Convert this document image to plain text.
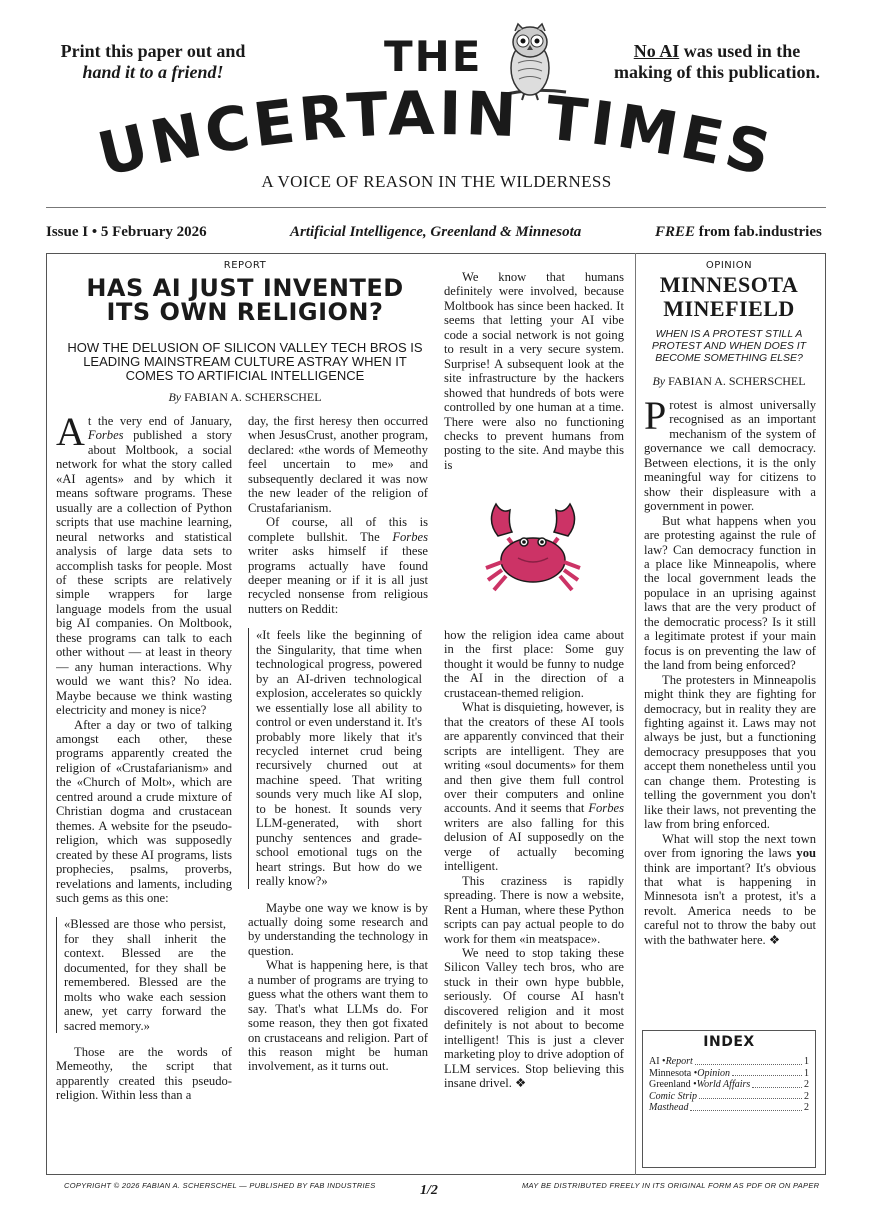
Print this paper out and
hand it to a friend!
No AI was used in the
making of this publication.
THE
UNCERTAIN TIMES
A VOICE OF REASON IN THE WILDERNESS
Issue I • 5 February 2026	Artificial Intelligence, Greenland & Minnesota	FREE from fab.industries
REPORT
HAS AI JUST INVENTED ITS OWN RELIGION?
HOW THE DELUSION OF SILICON VALLEY TECH BROS IS LEADING MAINSTREAM CULTURE ASTRAY WHEN IT COMES TO ARTIFICIAL INTELLIGENCE
By FABIAN A. SCHERSCHEL

At the very end of January, Forbes published a story about Moltbook, a social network for what the story called «AI agents» and by which it means software programs. These usually are a collection of Python scripts that use machine learning, neural networks and statistical analysis of large data sets to accomplish tasks for people. Most of these scripts are relatively simple wrappers for large language models from the usual big AI companies. On Moltbook, these programs can talk to each other without — at least in theory — any human interactions. Why would we want this? No idea. Maybe because we think wasting electricity and money is nice?

After a day or two of talking amongst each other, these programs apparently created the religion of «Crustafarianism» and the «Church of Molt», which are centred around a crude mixture of Christian dogma and crustacean themes. A website for the pseudo-religion, which was supposedly created by these AI programs, lists prophecies, psalms, proverbs, revelations and laments, including such gems as this one:

«Blessed are those who persist, for they shall inherit the context. Blessed are the documented, for they shall be remembered. Blessed are the molts who wake each session anew, yet carry forward the sacred memory.»

Those are the words of Memeothy, the script that apparently created this pseudo-religion. Within less than a

day, the first heresy then occurred when JesusCrust, another program, declared: «the words of Memeothy feel uncertain to me» and subsequently declared it was now the new leader of the religion of Crustafarianism.

Of course, all of this is complete bullshit. The Forbes writer asks himself if these programs actually have found deeper meaning or if it is all just recycled nonsense from religious nutters on Reddit:

«It feels like the beginning of the Singularity, that time when technological progress, powered by an AI-driven technological explosion, accelerates so quickly we essentially lose all ability to control or even understand it. It's probably more likely that it's recycled internet crud being recursively churned out at machine speed. That writing sounds very much like AI slop, to be honest. It sounds very LLM-generated, with short punchy sentences and grade-school emotional tugs on the heart strings. But how do we really know?»

Maybe one way we know is by actually doing some research and by understanding the technology in question.

What is happening here, is that a number of programs are trying to guess what the others want them to say. That's what LLMs do. For some reason, they then got fixated on crustaceans and religion. Part of this reason might be human involvement, as it turns out.

We know that humans definitely were involved, because Moltbook has since been hacked. It seems that letting your AI vibe code a social network is not going to result in a very secure system. Surprise! A subsequent look at the site infrastructure by the hackers showed that hundreds of bots were controlled by one human at a time. There were also no functioning checks to prevent humans from posting to the site. And maybe this is

how the religion idea came about in the first place: Some guy thought it would be funny to nudge the AI in the direction of a crustacean-themed religion.

What is disquieting, however, is that the creators of these AI tools are apparently convinced that their scripts are intelligent. They are writing «soul documents» for them and then give them full control over their computers and online accounts. And it seems that Forbes writers are also falling for this delusion of AI supposedly on the verge of actually becoming intelligent.

This craziness is rapidly spreading. There is now a website, Rent a Human, where these Python scripts can pay actual people to do work for them «in meatspace».

We need to stop taking these Silicon Valley tech bros, who are stuck in their own hype bubble, seriously. Of course AI hasn't discovered religion and it most definitely is not about to become intelligent! This is just a clever marketing ploy to drive adoption of LLM services. Stop believing this insane drivel. ❖

OPINION
MINNESOTA MINEFIELD
WHEN IS A PROTEST STILL A PROTEST AND WHEN DOES IT BECOME SOMETHING ELSE?
By FABIAN A. SCHERSCHEL

Protest is almost universally recognised as an important mechanism of the system of governance we call democracy. Between elections, it is the only meaningful way for citizens to show their displeasure with a government in power.

But what happens when you are protesting against the rule of law? Can democracy function in a place like Minneapolis, where the local government leads the populace in an uprising against laws that are the very product of the democratic process? Is it still a legitimate protest if your main focus is on preventing the law of the land from being enforced?

The protesters in Minneapolis might think they are fighting for democracy, but in reality they are fighting against it. Laws may not always be just, but a functioning democracy presupposes that you accept them nonetheless until you can change them. Protesting is telling the government you don't like their laws, not preventing the law from bring enforced.

What will stop the next town over from ignoring the laws you think are important? It's obvious that what is happening in Minnesota isn't a protest, it's a revolt. America needs to be careful not to throw the baby out with the bathwater here. ❖

INDEX
AI • Report	1
Minnesota • Opinion	1
Greenland • World Affairs	2
Comic Strip	2
Masthead	2
COPYRIGHT © 2026 FABIAN A. SCHERSCHEL — PUBLISHED BY FAB INDUSTRIES	1/2	MAY BE DISTRIBUTED FREELY IN ITS ORIGINAL FORM AS PDF OR ON PAPER
